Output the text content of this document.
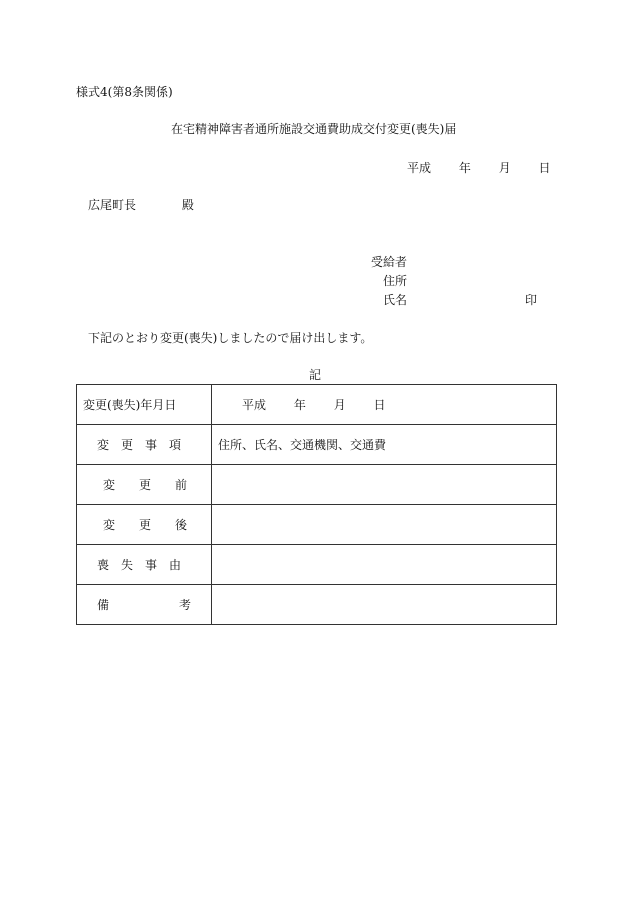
様式4(第8条関係)
在宅精神障害者通所施設交通費助成交付変更(喪失)届
平成 年 月 日
広尾町長	殿
受給者
住所
氏名	印
下記のとおり変更(喪失)しましたので届け出します。
記
変更(喪失)年月日	平成 年 月 日

変更事項	住所、氏名、交通機関、交通費

変更前	

変更後	

喪失事由	

備 考	
